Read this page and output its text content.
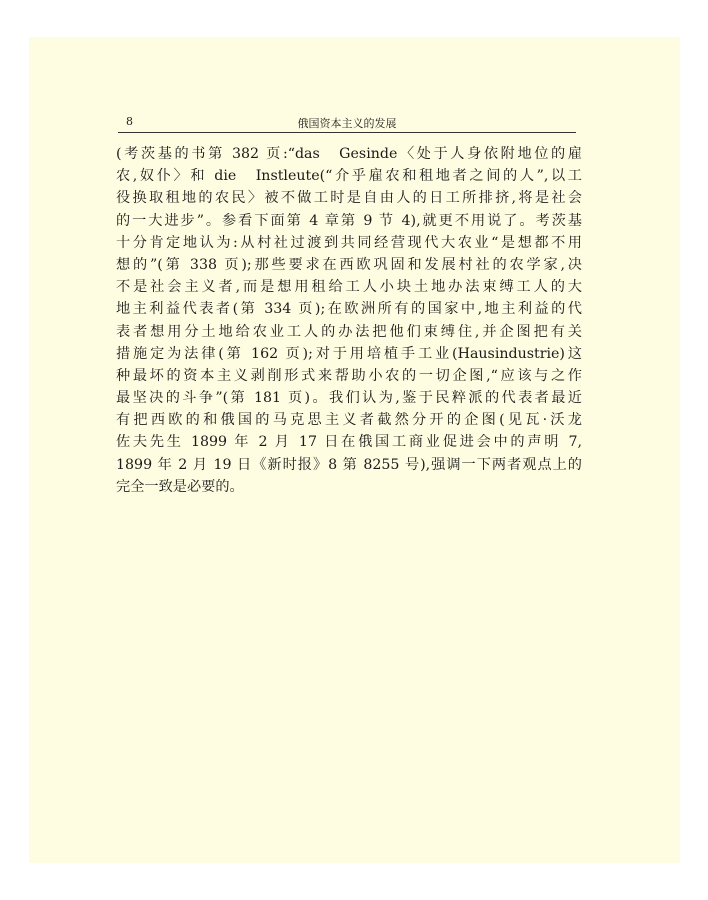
8	俄国资本主义的发展
(考茨基的书第 382 页:“das　Gesinde〈处于人身依附地位的雇
农,奴仆〉和 die　Instleute(“介乎雇农和租地者之间的人”,以工
役换取租地的农民〉被不做工时是自由人的日工所排挤,将是社会
的一大进步”。参看下面第 4 章第 9 节 4),就更不用说了。考茨基
十分肯定地认为:从村社过渡到共同经营现代大农业“是想都不用
想的”(第 338 页);那些要求在西欧巩固和发展村社的农学家,决
不是社会主义者,而是想用租给工人小块土地办法束缚工人的大
地主利益代表者(第 334 页);在欧洲所有的国家中,地主利益的代
表者想用分土地给农业工人的办法把他们束缚住,并企图把有关
措施定为法律(第 162 页);对于用培植手工业(Hausindustrie)这
种最坏的资本主义剥削形式来帮助小农的一切企图,“应该与之作
最坚决的斗争”(第 181 页)。我们认为,鉴于民粹派的代表者最近
有把西欧的和俄国的马克思主义者截然分开的企图(见瓦·沃龙
佐夫先生 1899 年 2 月 17 日在俄国工商业促进会中的声明 7,
1899 年 2 月 19 日《新时报》8 第 8255 号),强调一下两者观点上的
完全一致是必要的。
